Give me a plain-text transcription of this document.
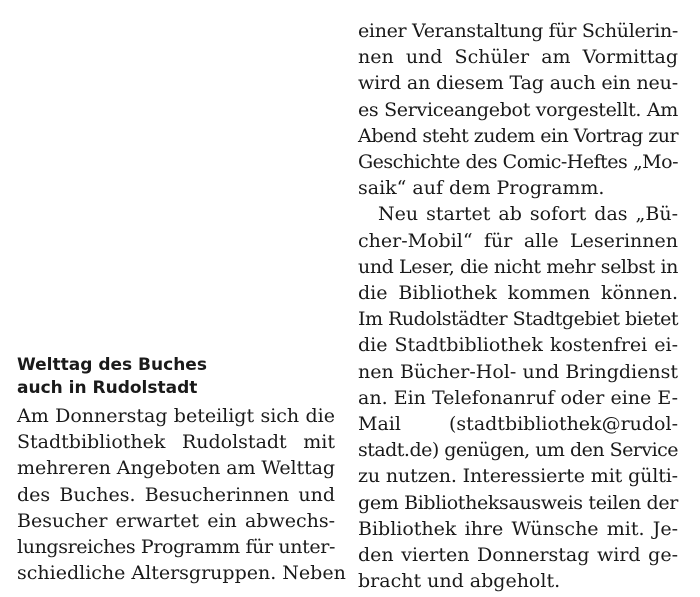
Welttag des Buches
auch in Rudolstadt

Am Donnerstag beteiligt sich die
Stadtbibliothek Rudolstadt mit
mehreren Angeboten am Welttag
des Buches. Besucherinnen und
Besucher erwartet ein abwechs-
lungsreiches Programm für unter-
schiedliche Altersgruppen. Neben

einer Veranstaltung für Schülerin-
nen und Schüler am Vormittag
wird an diesem Tag auch ein neu-
es Serviceangebot vorgestellt. Am
Abend steht zudem ein Vortrag zur
Geschichte des Comic-Heftes „Mo-
saik“ auf dem Programm.

Neu startet ab sofort das „Bü-
cher-Mobil“ für alle Leserinnen
und Leser, die nicht mehr selbst in
die Bibliothek kommen können.
Im Rudolstädter Stadtgebiet bietet
die Stadtbibliothek kostenfrei ei-
nen Bücher-Hol- und Bringdienst
an. Ein Telefonanruf oder eine E-
Mail (stadtbibliothek@rudol-
stadt.de) genügen, um den Service
zu nutzen. Interessierte mit gülti-
gem Bibliotheksausweis teilen der
Bibliothek ihre Wünsche mit. Je-
den vierten Donnerstag wird ge-
bracht und abgeholt.
